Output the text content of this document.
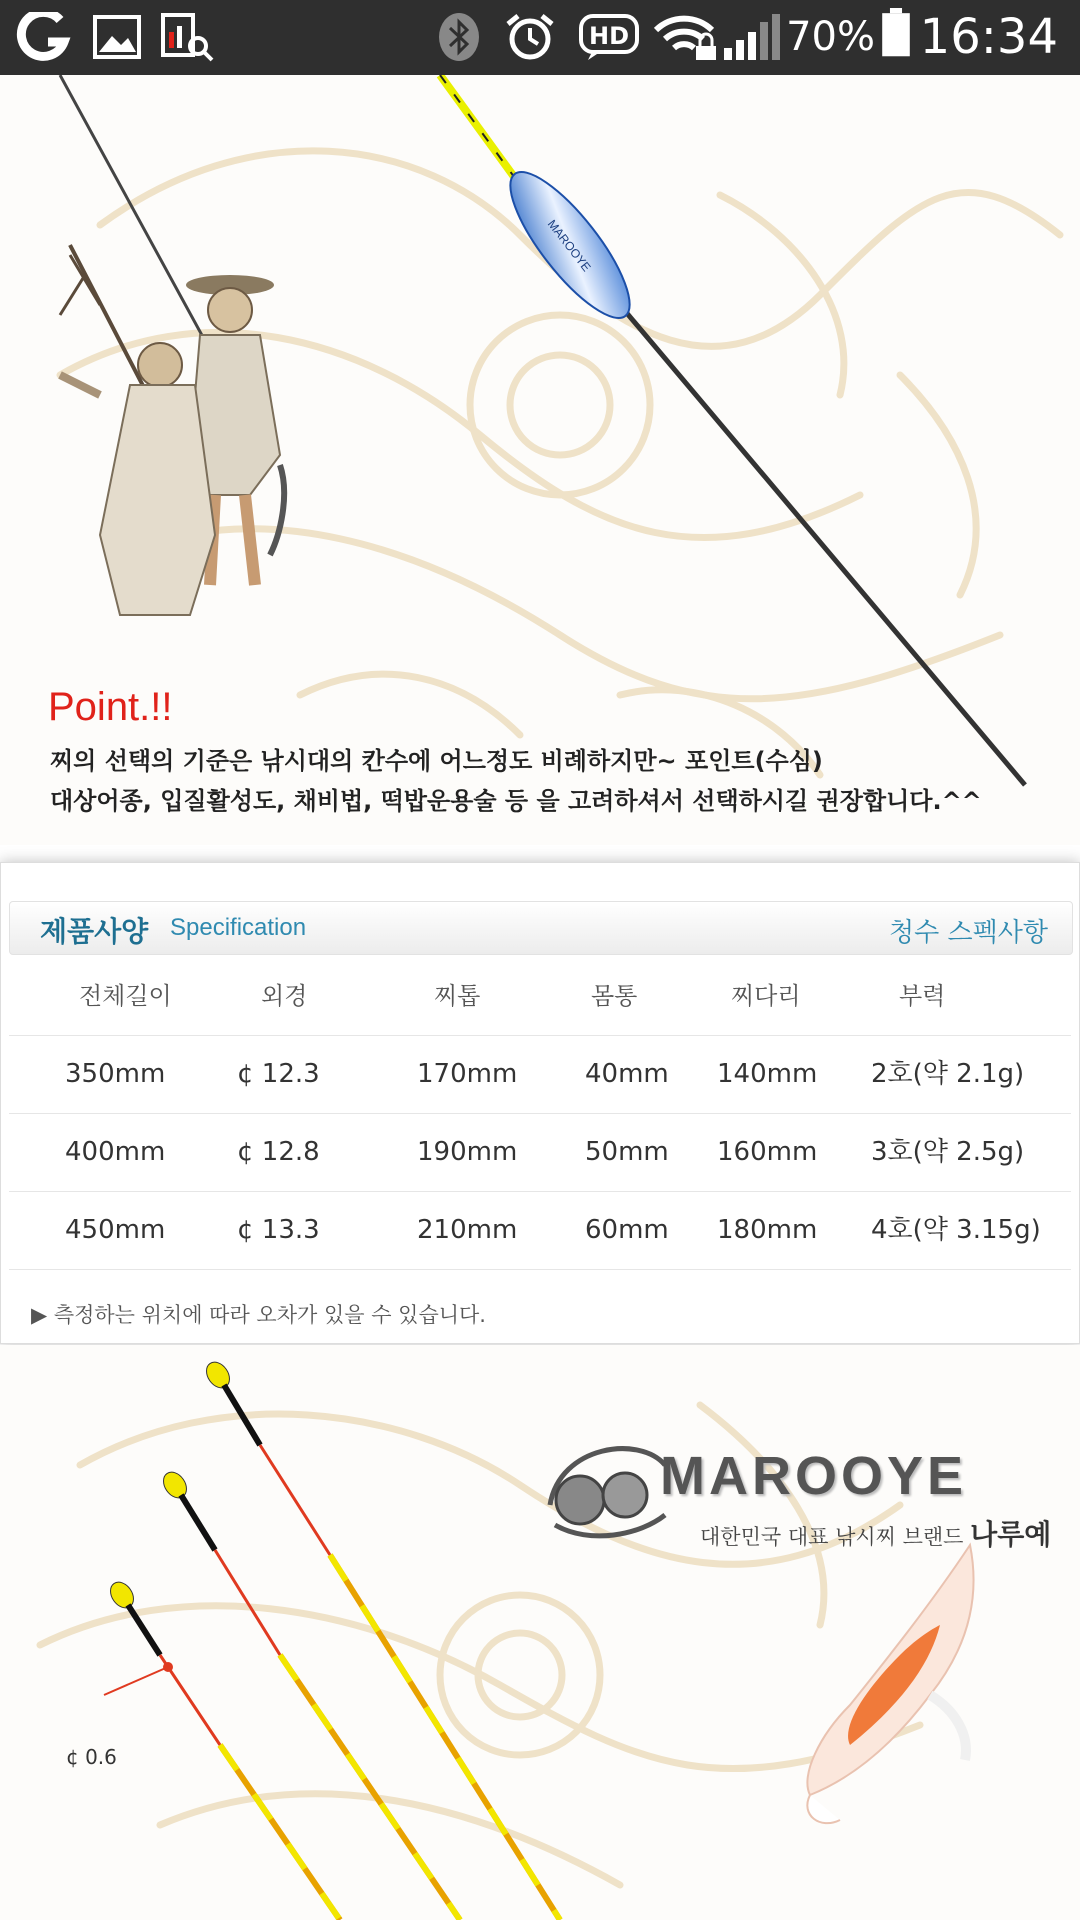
HD	70% 16:34
MAROOYE
Point.!!
찌의 선택의 기준은 낚시대의 칸수에 어느정도 비례하지만~ 포인트(수심)
대상어종, 입질활성도, 채비법, 떡밥운용술 등 을 고려하셔서 선택하시길 권장합니다.^^
제품사양 Specification	청수 스펙사항
전체길이	외경	찌톱	몸통	찌다리	부력
350mm	¢ 12.3	170mm	40mm 140mm 2호(약 2.1g)
400mm	¢ 12.8	190mm	50mm 160mm 3호(약 2.5g)
450mm	¢ 13.3	210mm	60mm 180mm 4호(약 3.15g)
▶ 측정하는 위치에 따라 오차가 있을 수 있습니다.
¢ 0.6
MAROOYE
대한민국 대표 낚시찌 브랜드 나루예
